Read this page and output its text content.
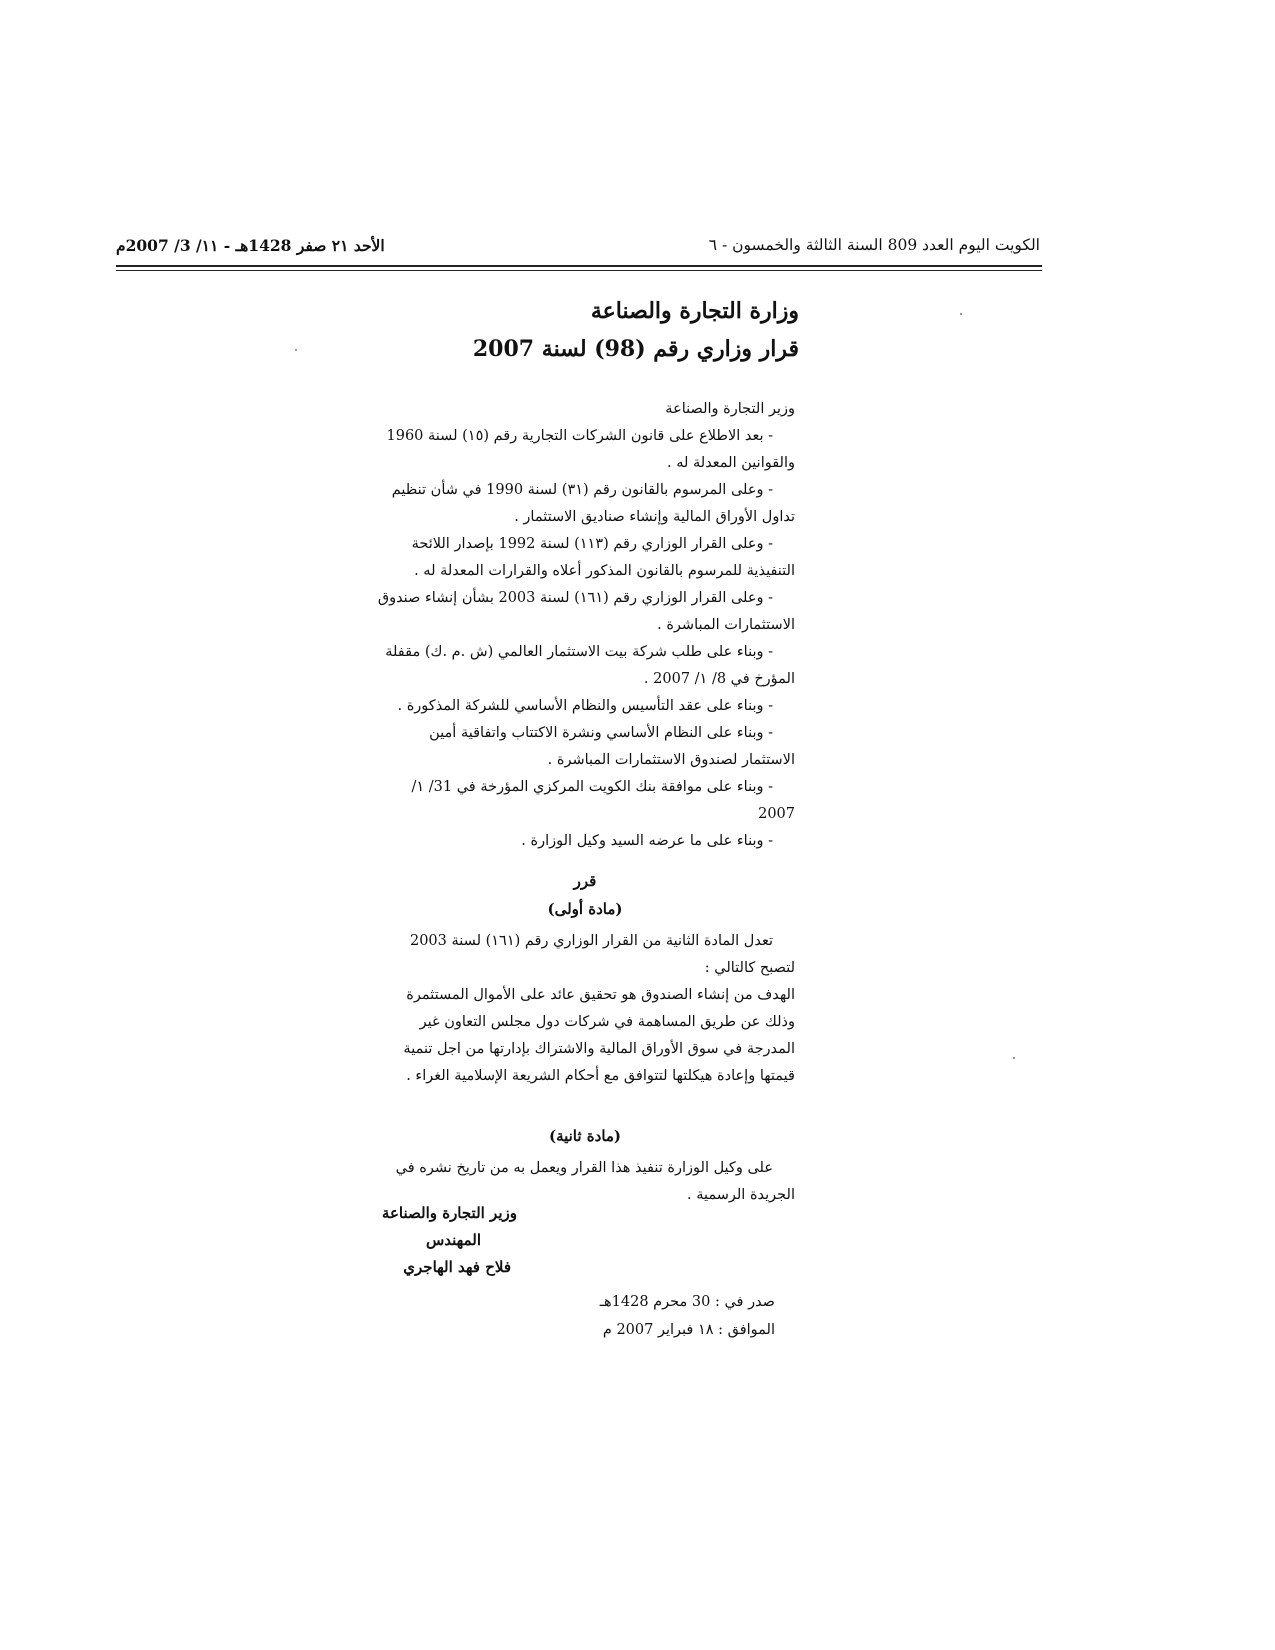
الكويت اليوم العدد 809 السنة الثالثة والخمسون - ٦
الأحد ٢١ صفر 1428هـ - ١١/ 3/ 2007م
وزارة التجارة والصناعة
قرار وزاري رقم (98) لسنة 2007

وزير التجارة والصناعة

- بعد الاطلاع على قانون الشركات التجارية رقم (١٥) لسنة 1960 والقوانين المعدلة له .

- وعلى المرسوم بالقانون رقم (٣١) لسنة 1990 في شأن تنظيم تداول الأوراق المالية وإنشاء صناديق الاستثمار .

- وعلى القرار الوزاري رقم (١١٣) لسنة 1992 بإصدار اللائحة التنفيذية للمرسوم بالقانون المذكور أعلاه والقرارات المعدلة له .

- وعلى القرار الوزاري رقم (١٦١) لسنة 2003 بشأن إنشاء صندوق الاستثمارات المباشرة .

- وبناء على طلب شركة بيت الاستثمار العالمي (ش .م .ك) مقفلة المؤرخ في 8/ ١/ 2007 .

- وبناء على عقد التأسيس والنظام الأساسي للشركة المذكورة .

- وبناء على النظام الأساسي ونشرة الاكتتاب واتفاقية أمين الاستثمار لصندوق الاستثمارات المباشرة .

- وبناء على موافقة بنك الكويت المركزي المؤرخة في 31/ ١/ 2007

- وبناء على ما عرضه السيد وكيل الوزارة .

قرر
(مادة أولى)

تعدل المادة الثانية من القرار الوزاري رقم (١٦١) لسنة 2003 لتصبح كالتالي :

الهدف من إنشاء الصندوق هو تحقيق عائد على الأموال المستثمرة وذلك عن طريق المساهمة في شركات دول مجلس التعاون غير المدرجة في سوق الأوراق المالية والاشتراك بإدارتها من اجل تنمية قيمتها وإعادة هيكلتها لتتوافق مع أحكام الشريعة الإسلامية الغراء .

(مادة ثانية)

على وكيل الوزارة تنفيذ هذا القرار ويعمل به من تاريخ نشره في الجريدة الرسمية .

وزير التجارة والصناعة
المهندس
فلاح فهد الهاجري
صدر في : 30 محرم 1428هـ
الموافق : ١٨ فبراير 2007 م
